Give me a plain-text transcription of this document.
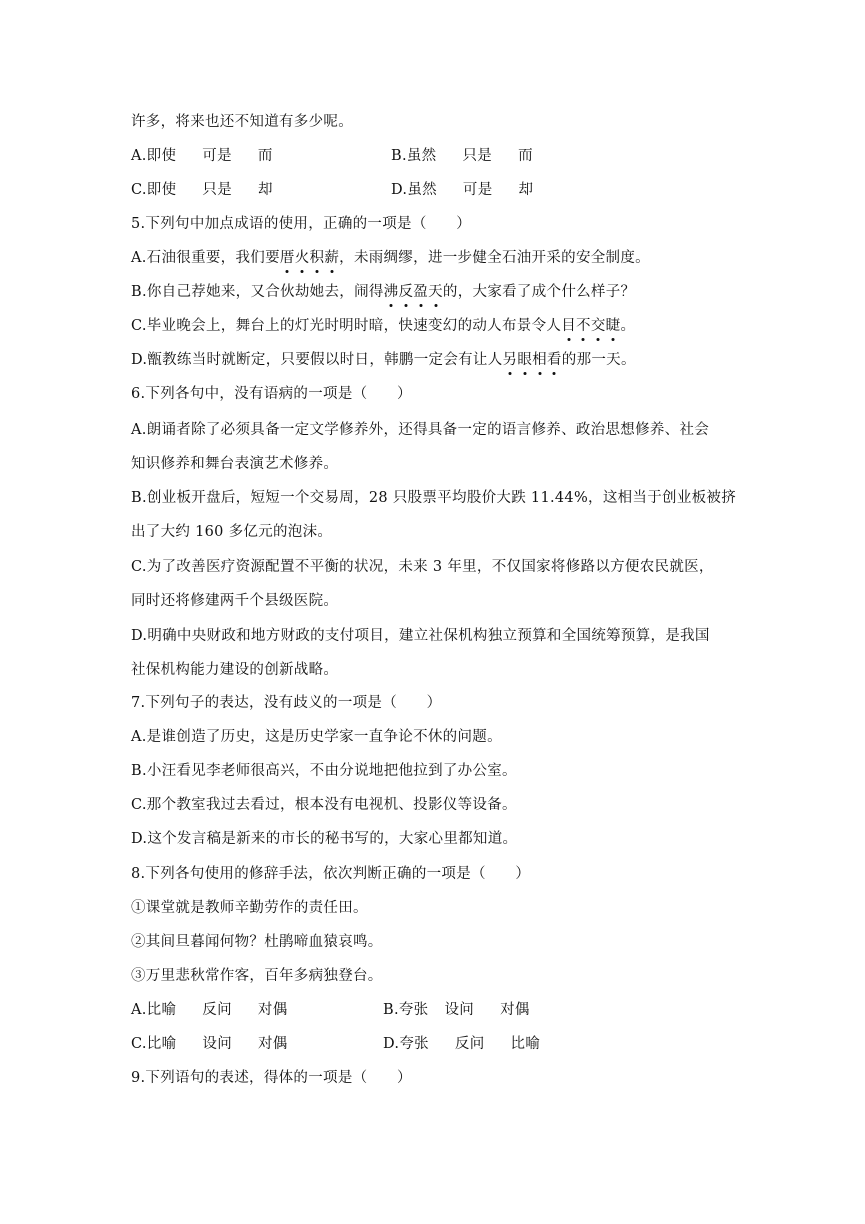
许多，将来也还不知道有多少呢。
A.即使 可是 而	B.虽然 只是 而
C.即使 只是 却	D.虽然 可是 却
5.下列句中加点成语的使用，正确的一项是（　　）
A.石油很重要，我们要厝火积薪，未雨绸缪，进一步健全石油开采的安全制度。
B.你自己荐她来，又合伙劫她去，闹得沸反盈天的，大家看了成个什么样子？
C.毕业晚会上，舞台上的灯光时明时暗，快速变幻的动人布景令人目不交睫。
D.甑教练当时就断定，只要假以时日，韩鹏一定会有让人另眼相看的那一天。
6.下列各句中，没有语病的一项是（　　）
A.朗诵者除了必须具备一定文学修养外，还得具备一定的语言修养、政治思想修养、社会
知识修养和舞台表演艺术修养。
B.创业板开盘后，短短一个交易周，28 只股票平均股价大跌 11.44%，这相当于创业板被挤
出了大约 160 多亿元的泡沫。
C.为了改善医疗资源配置不平衡的状况，未来 3 年里，不仅国家将修路以方便农民就医，
同时还将修建两千个县级医院。
D.明确中央财政和地方财政的支付项目，建立社保机构独立预算和全国统筹预算，是我国
社保机构能力建设的创新战略。
7.下列句子的表达，没有歧义的一项是（　　）
A.是谁创造了历史，这是历史学家一直争论不休的问题。
B.小汪看见李老师很高兴，不由分说地把他拉到了办公室。
C.那个教室我过去看过，根本没有电视机、投影仪等设备。
D.这个发言稿是新来的市长的秘书写的，大家心里都知道。
8.下列各句使用的修辞手法，依次判断正确的一项是（　　）
①课堂就是教师辛勤劳作的责任田。
②其间旦暮闻何物？杜鹃啼血猿哀鸣。
③万里悲秋常作客，百年多病独登台。
A.比喻 反问 对偶	B.夸张 设问 对偶
C.比喻 设问 对偶	D.夸张 反问 比喻
9.下列语句的表述，得体的一项是（　　）
